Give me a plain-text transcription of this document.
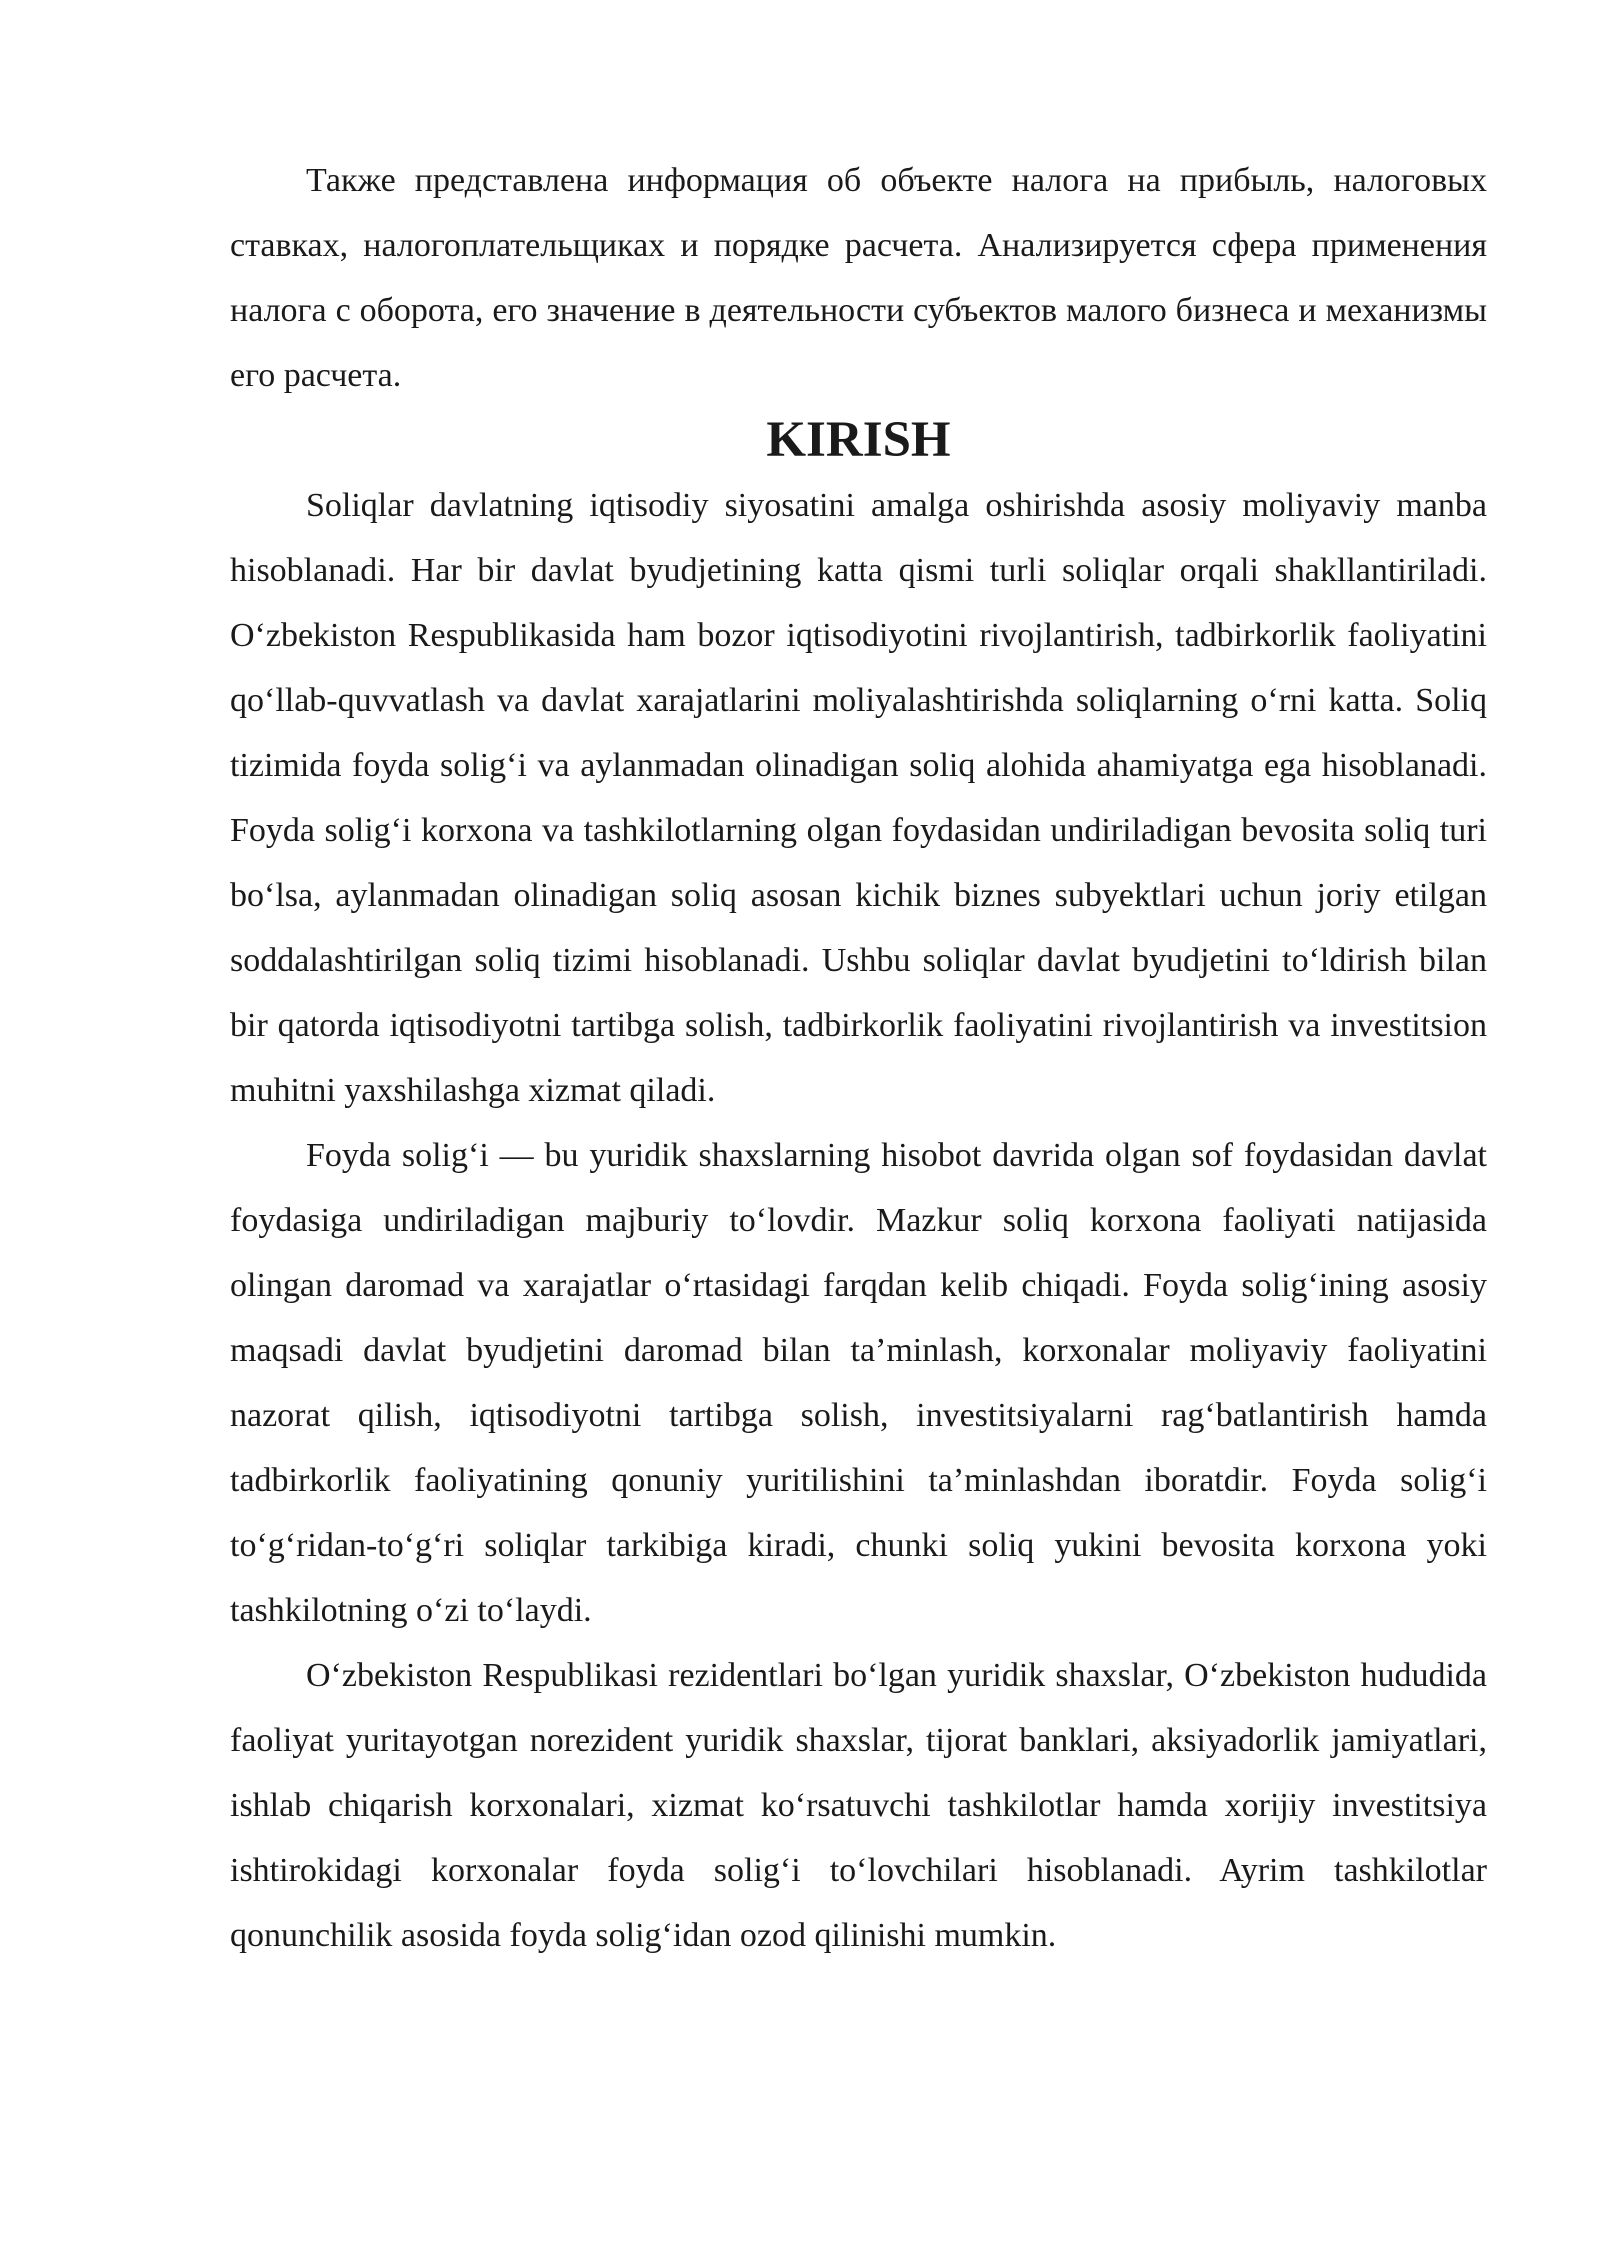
Также представлена информация об объекте налога на прибыль, налоговых ставках, налогоплательщиках и порядке расчета. Анализируется сфера применения налога с оборота, его значение в деятельности субъектов малого бизнеса и механизмы его расчета.

KIRISH

Soliqlar davlatning iqtisodiy siyosatini amalga oshirishda asosiy moliyaviy manba hisoblanadi. Har bir davlat byudjetining katta qismi turli soliqlar orqali shakllantiriladi. O‘zbekiston Respublikasida ham bozor iqtisodiyotini rivojlantirish, tadbirkorlik faoliyatini qo‘llab-quvvatlash va davlat xarajatlarini moliyalashtirishda soliqlarning o‘rni katta. Soliq tizimida foyda solig‘i va aylanmadan olinadigan soliq alohida ahamiyatga ega hisoblanadi. Foyda solig‘i korxona va tashkilotlarning olgan foydasidan undiriladigan bevosita soliq turi bo‘lsa, aylanmadan olinadigan soliq asosan kichik biznes subyektlari uchun joriy etilgan soddalashtirilgan soliq tizimi hisoblanadi. Ushbu soliqlar davlat byudjetini to‘ldirish bilan bir qatorda iqtisodiyotni tartibga solish, tadbirkorlik faoliyatini rivojlantirish va investitsion muhitni yaxshilashga xizmat qiladi.

Foyda solig‘i — bu yuridik shaxslarning hisobot davrida olgan sof foydasidan davlat foydasiga undiriladigan majburiy to‘lovdir. Mazkur soliq korxona faoliyati natijasida olingan daromad va xarajatlar o‘rtasidagi farqdan kelib chiqadi. Foyda solig‘ining asosiy maqsadi davlat byudjetini daromad bilan ta’minlash, korxonalar moliyaviy faoliyatini nazorat qilish, iqtisodiyotni tartibga solish, investitsiyalarni rag‘batlantirish hamda tadbirkorlik faoliyatining qonuniy yuritilishini ta’minlashdan iboratdir. Foyda solig‘i to‘g‘ridan-to‘g‘ri soliqlar tarkibiga kiradi, chunki soliq yukini bevosita korxona yoki tashkilotning o‘zi to‘laydi.

O‘zbekiston Respublikasi rezidentlari bo‘lgan yuridik shaxslar, O‘zbekiston hududida faoliyat yuritayotgan norezident yuridik shaxslar, tijorat banklari, aksiyadorlik jamiyatlari, ishlab chiqarish korxonalari, xizmat ko‘rsatuvchi tashkilotlar hamda xorijiy investitsiya ishtirokidagi korxonalar foyda solig‘i to‘lovchilari hisoblanadi. Ayrim tashkilotlar qonunchilik asosida foyda solig‘idan ozod qilinishi mumkin.
